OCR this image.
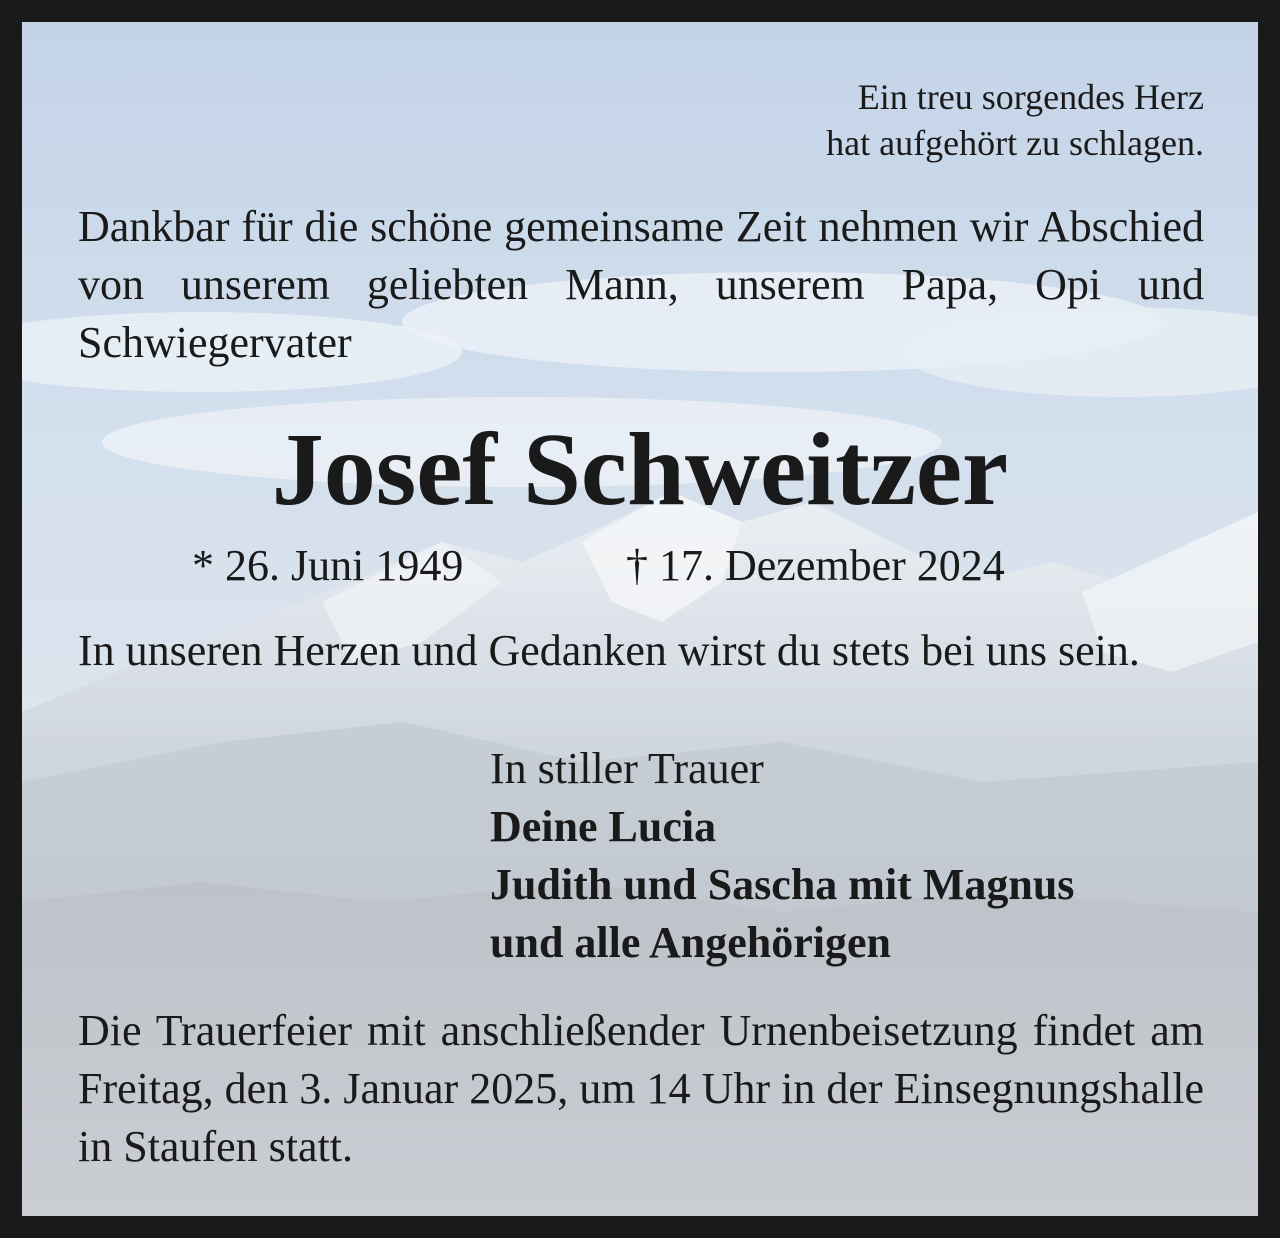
Ein treu sorgendes Herz
hat aufgehört zu schlagen.
Dankbar für die schöne gemeinsame Zeit nehmen wir Abschied von unserem geliebten Mann, unserem Papa, Opi und Schwiegervater
Josef Schweitzer
* 26. Juni 1949	† 17. Dezember 2024
In unseren Herzen und Gedanken wirst du stets bei uns sein.
In stiller Trauer
Deine Lucia
Judith und Sascha mit Magnus
und alle Angehörigen
Die Trauerfeier mit anschließender Urnenbeisetzung findet am Freitag, den 3. Januar 2025, um 14 Uhr in der Einsegnungshalle in Staufen statt.
